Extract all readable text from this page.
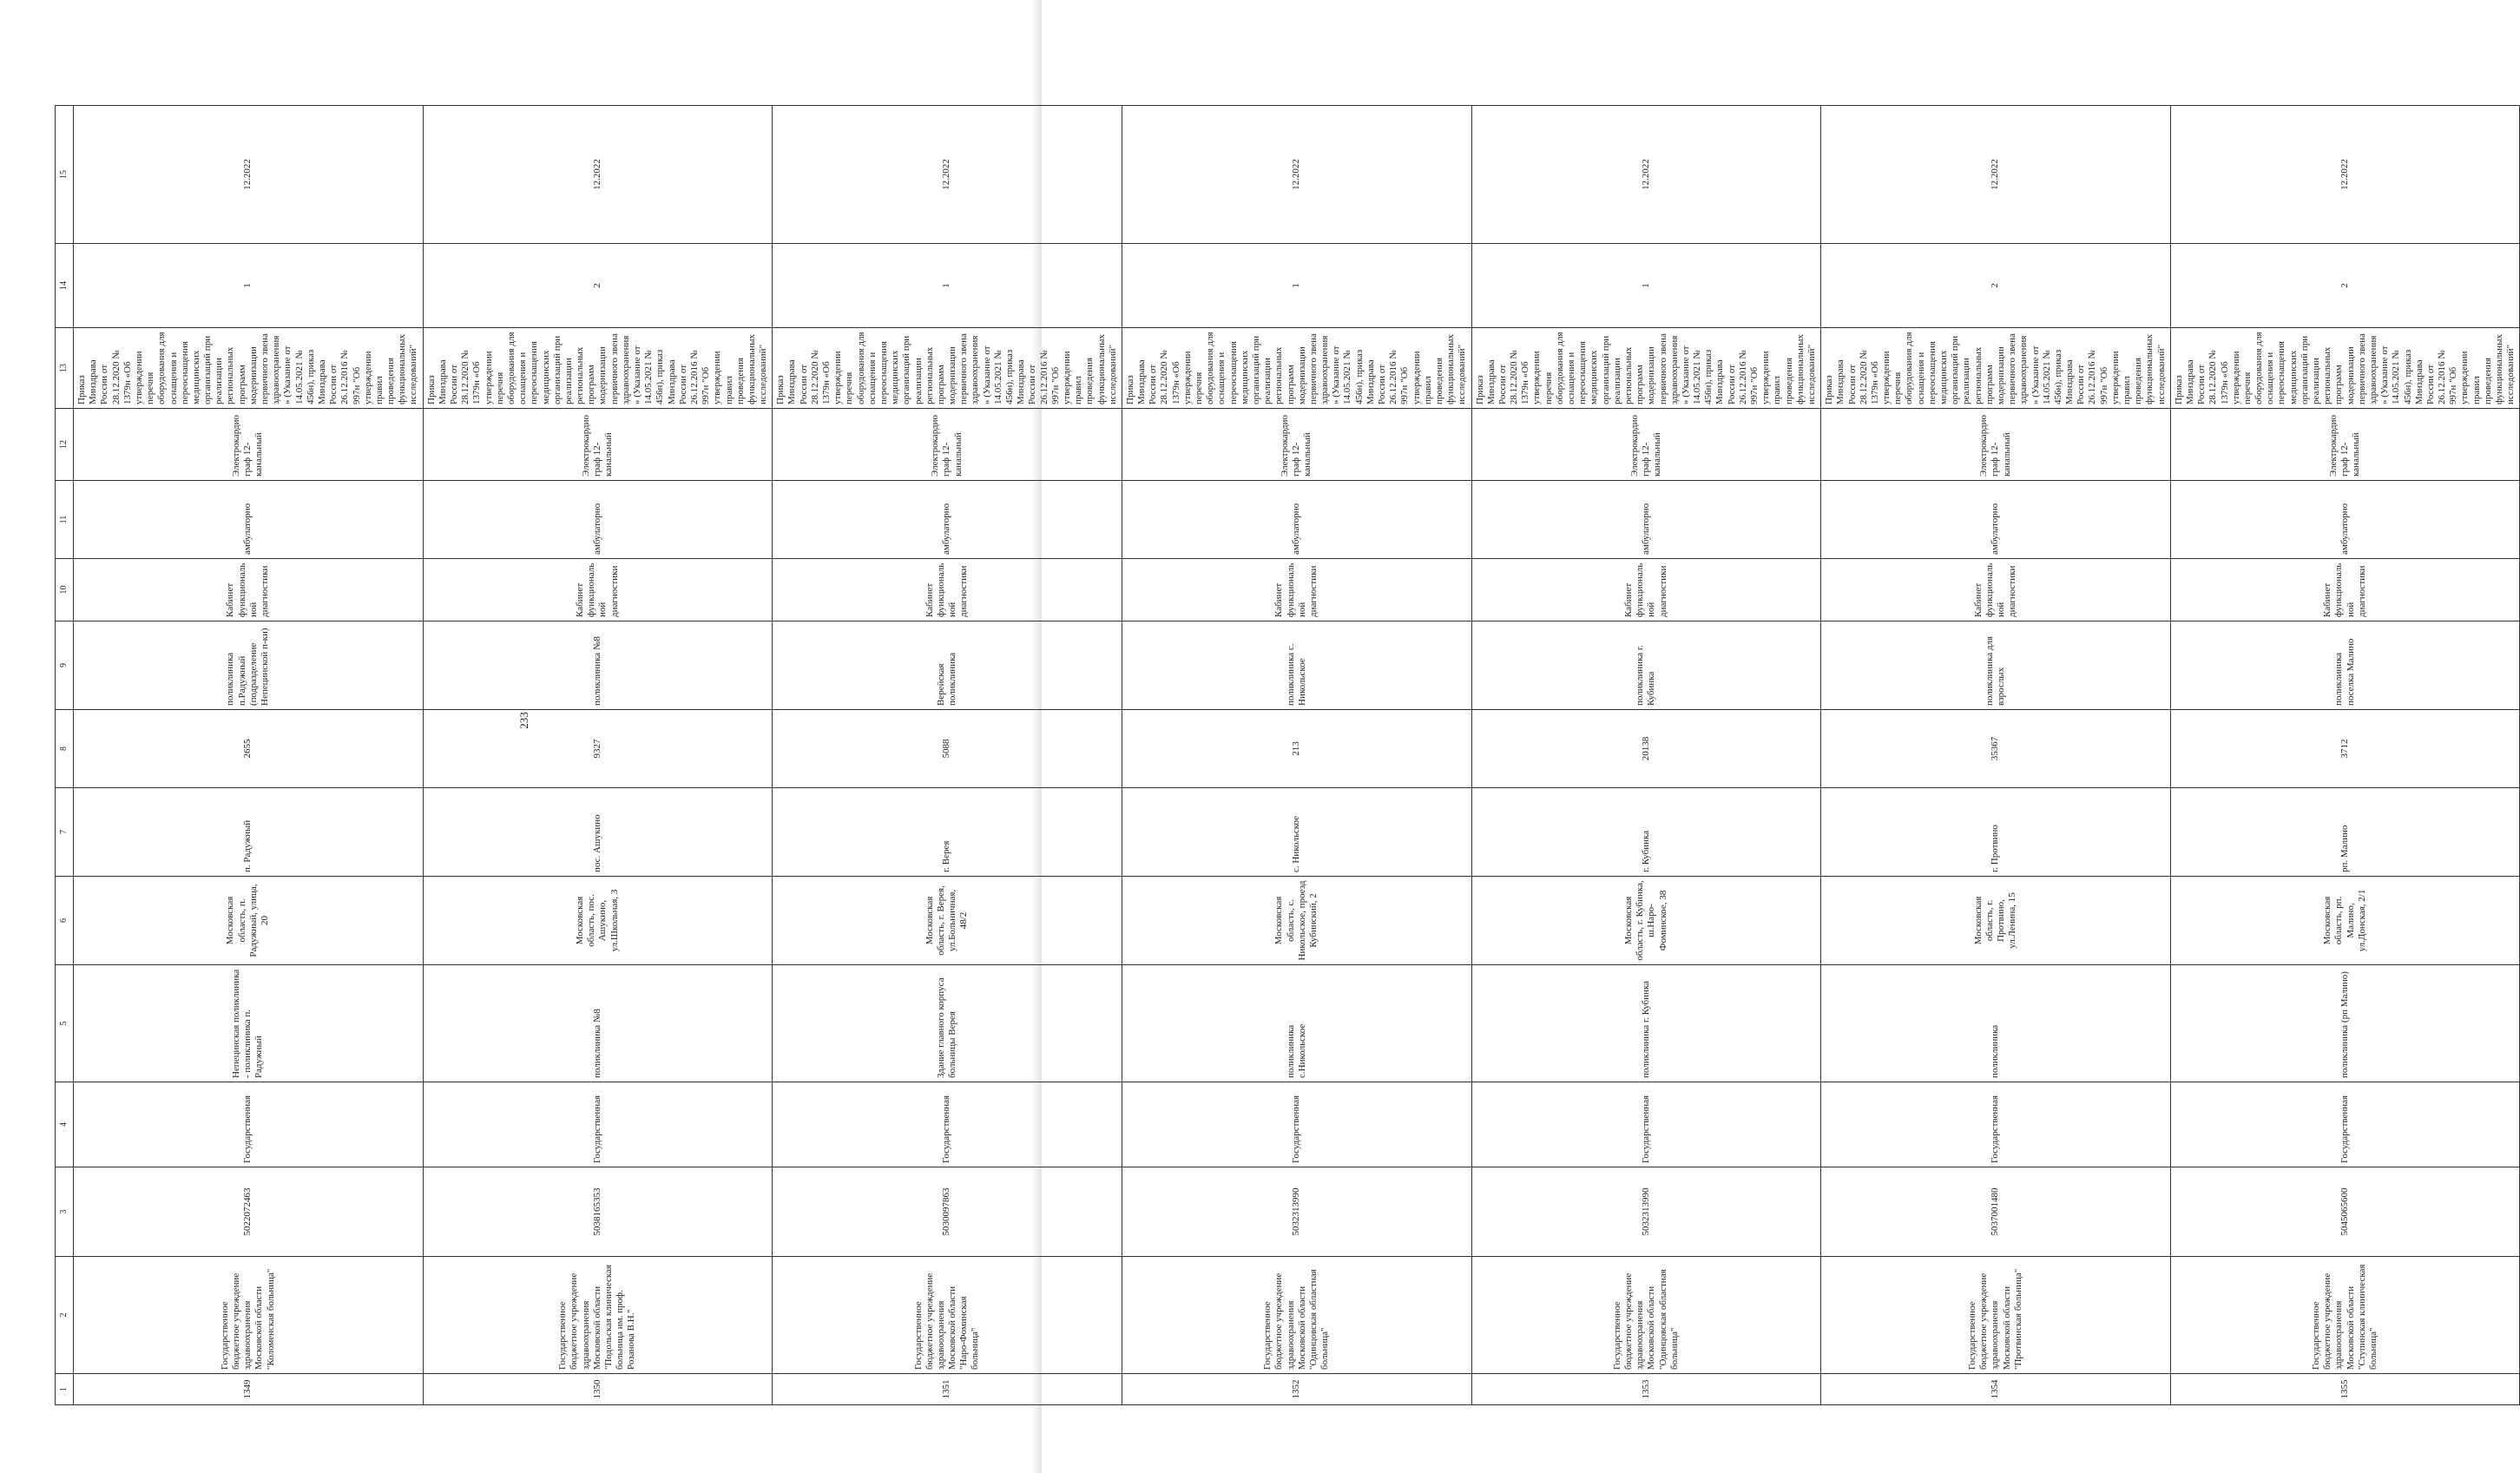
233
1	2	3	4	5	6	7	8	9	10	11	12	13	14	15
1349	Государственное бюджетное учреждение здравоохранения Московской области "Коломенская больница"	5022072463	Государственная	Непецинская поликлиника - поликлиника п. Радужный	Московская область, п. Радужный, улица, 20	п. Радужный	2655	поликлиника п.Радужный (подразделение Непецинской п-ки)	Кабинет функциональной диагностики	амбулаторно	Электрокардиограф 12-канальный	Приказ Минздрава России от 28.12.2020 № 1379н «Об утверждении перечня оборудования для оснащения и переоснащения медицинских организаций при реализации региональных программ модернизации первичного звена здравоохранения» (Указание от 14.05.2021 № 456н), приказ Минздрава России от 26.12.2016 № 997н "Об утверждении правил проведения функциональных исследований"	1	12.2022
1350	Государственное бюджетное учреждение здравоохранения Московской области "Подольская клиническая больница им. проф. Розанова В.Н."	5038165353	Государственная	поликлиника №8	Московская область, пос. Ашукино, ул.Школьная, 3	пос. Ашукино	9327	поликлиника №8	Кабинет функциональной диагностики	амбулаторно	Электрокардиограф 12-канальный	Приказ Минздрава России от 28.12.2020 № 1379н «Об утверждении перечня оборудования для оснащения и переоснащения медицинских организаций при реализации региональных программ модернизации первичного звена здравоохранения» (Указание от 14.05.2021 № 456н), приказ Минздрава России от 26.12.2016 № 997н "Об утверждении правил проведения функциональных исследований"	2	12.2022
1351	Государственное бюджетное учреждение здравоохранения Московской области "Наро-Фоминская больница"	5030097863	Государственная	Здание главного корпуса больницы Верея	Московская область, г. Верея, ул.Больничная, 48/2	г. Верея	5088	Верейская поликлиника	Кабинет функциональной диагностики	амбулаторно	Электрокардиограф 12-канальный	Приказ Минздрава России от 28.12.2020 № 1379н «Об утверждении перечня оборудования для оснащения и переоснащения медицинских организаций при реализации региональных программ модернизации первичного звена здравоохранения» (Указание от 14.05.2021 № 456н), приказ Минздрава России от 26.12.2016 № 997н "Об утверждении правил проведения функциональных исследований"	1	12.2022
1352	Государственное бюджетное учреждение здравоохранения Московской области "Одинцовская областная больница"	5032313990	Государственная	поликлиника с.Никольское	Московская область, с. Никольское, проезд Кубинский, 2	с. Никольское	213	поликлиника с. Никольское	Кабинет функциональной диагностики	амбулаторно	Электрокардиограф 12-канальный	Приказ Минздрава России от 28.12.2020 № 1379н «Об утверждении перечня оборудования для оснащения и переоснащения медицинских организаций при реализации региональных программ модернизации первичного звена здравоохранения» (Указание от 14.05.2021 № 456н), приказ Минздрава России от 26.12.2016 № 997н "Об утверждении правил проведения функциональных исследований"	1	12.2022
1353	Государственное бюджетное учреждение здравоохранения Московской области "Одинцовская областная больница"	5032313990	Государственная	поликлиника г. Кубинка	Московская область, г. Кубинка, ш.Наро-Фоминское, 38	г. Кубинка	20138	поликлиника г. Кубинка	Кабинет функциональной диагностики	амбулаторно	Электрокардиограф 12-канальный	Приказ Минздрава России от 28.12.2020 № 1379н «Об утверждении перечня оборудования для оснащения и переоснащения медицинских организаций при реализации региональных программ модернизации первичного звена здравоохранения» (Указание от 14.05.2021 № 456н), приказ Минздрава России от 26.12.2016 № 997н "Об утверждении правил проведения функциональных исследований"	1	12.2022
1354	Государственное бюджетное учреждение здравоохранения Московской области "Протвинская больница"	5037001480	Государственная	поликлиника	Московская область, г. Протвино, ул.Ленина, 15	г. Протвино	35367	поликлиника для взрослых	Кабинет функциональной диагностики	амбулаторно	Электрокардиограф 12-канальный	Приказ Минздрава России от 28.12.2020 № 1379н «Об утверждении перечня оборудования для оснащения и переоснащения медицинских организаций при реализации региональных программ модернизации первичного звена здравоохранения» (Указание от 14.05.2021 № 456н), приказ Минздрава России от 26.12.2016 № 997н "Об утверждении правил проведения функциональных исследований"	2	12.2022
1355	Государственное бюджетное учреждение здравоохранения Московской области "Ступинская клиническая больница"	5045065600	Государственная	поликлиника (рп Малино)	Московская область, рп. Малино, ул.Донская, 2/1	рп. Малино	3712	поликлиника поселка Малино	Кабинет функциональной диагностики	амбулаторно	Электрокардиограф 12-канальный	Приказ Минздрава России от 28.12.2020 № 1379н «Об утверждении перечня оборудования для оснащения и переоснащения медицинских организаций при реализации региональных программ модернизации первичного звена здравоохранения» (Указание от 14.05.2021 № 456н), приказ Минздрава России от 26.12.2016 № 997н "Об утверждении правил проведения функциональных исследований"	2	12.2022
